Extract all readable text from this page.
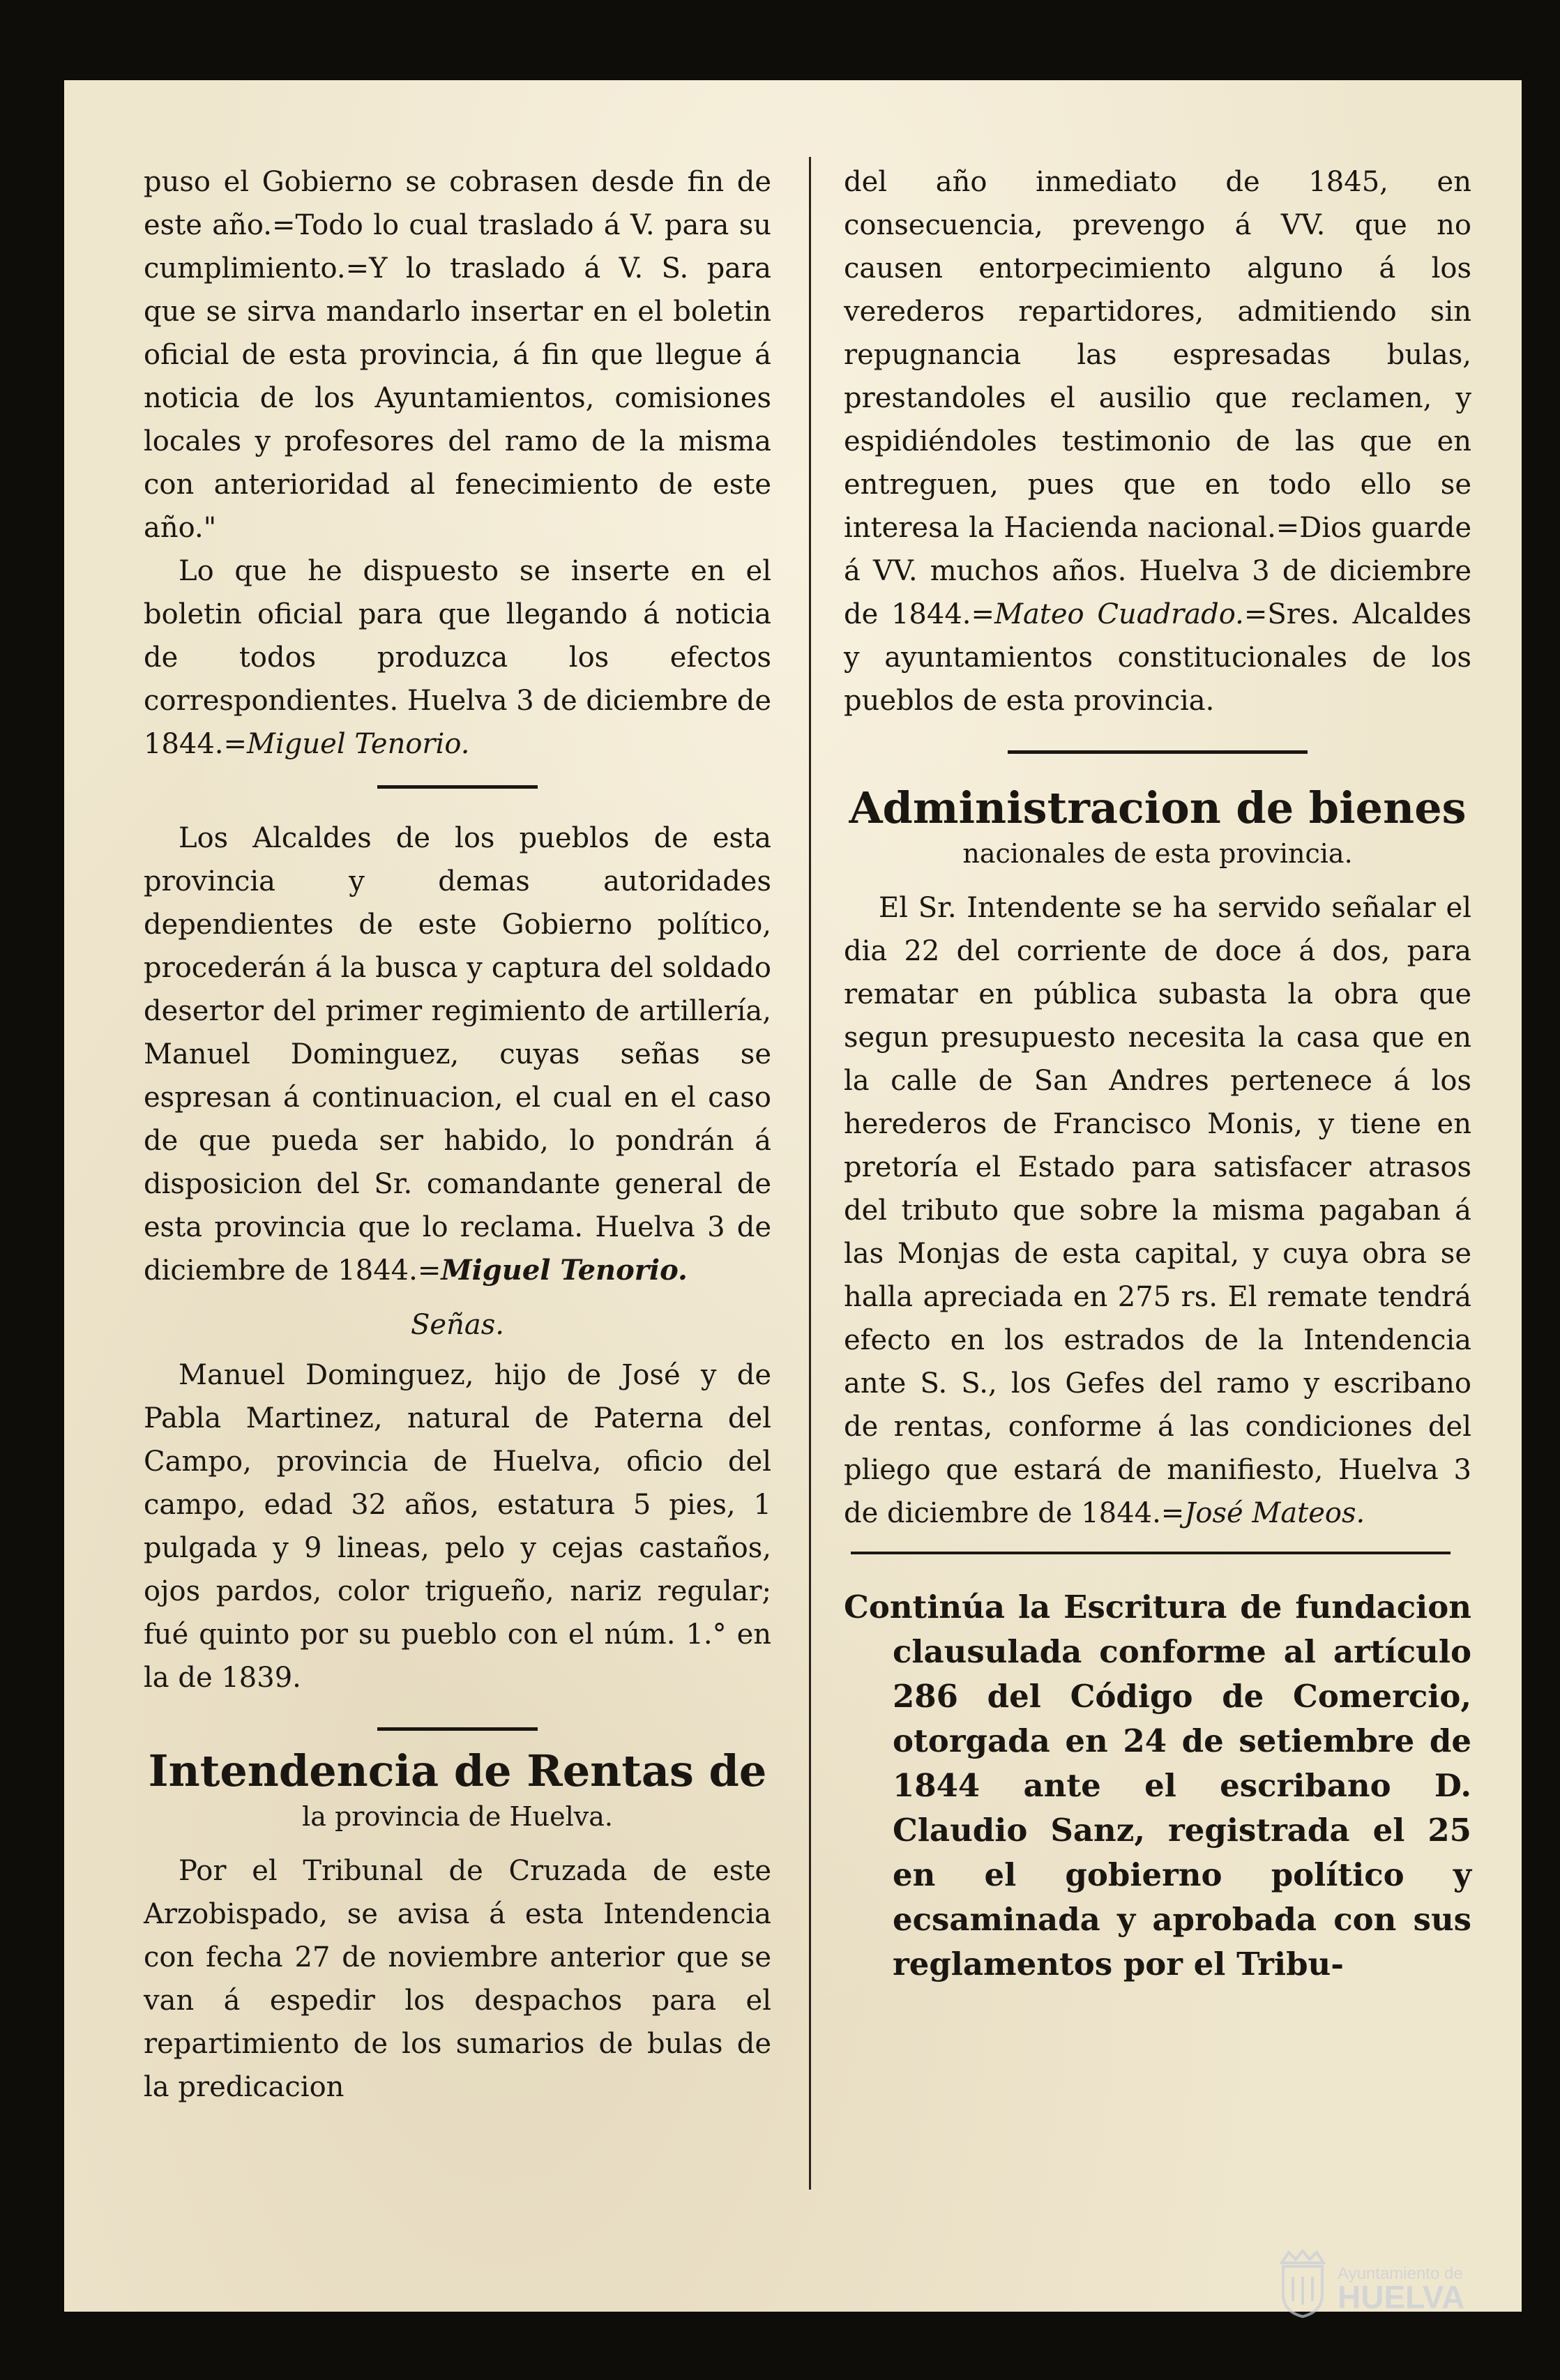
puso el Gobierno se cobrasen desde fin de este año.=Todo lo cual traslado á V. para su cumplimiento.=Y lo traslado á V. S. para que se sirva mandarlo insertar en el boletin oficial de esta provincia, á fin que llegue á noticia de los Ayuntamientos, comisiones locales y profesores del ramo de la misma con anterioridad al fenecimiento de este año."

Lo que he dispuesto se inserte en el boletin oficial para que llegando á noticia de todos produzca los efectos correspondientes. Huelva 3 de diciembre de 1844.=Miguel Tenorio.

Los Alcaldes de los pueblos de esta provincia y demas autoridades dependientes de este Gobierno político, procederán á la busca y captura del soldado desertor del primer regimiento de artillería, Manuel Dominguez, cuyas señas se espresan á continuacion, el cual en el caso de que pueda ser habido, lo pondrán á disposicion del Sr. comandante general de esta provincia que lo reclama. Huelva 3 de diciembre de 1844.=Miguel Tenorio.

Señas.

Manuel Dominguez, hijo de José y de Pabla Martinez, natural de Paterna del Campo, provincia de Huelva, oficio del campo, edad 32 años, estatura 5 pies, 1 pulgada y 9 lineas, pelo y cejas castaños, ojos pardos, color trigueño, nariz regular; fué quinto por su pueblo con el núm. 1.° en la de 1839.

Intendencia de Rentas de

la provincia de Huelva.

Por el Tribunal de Cruzada de este Arzobispado, se avisa á esta Intendencia con fecha 27 de noviembre anterior que se van á espedir los despachos para el repartimiento de los sumarios de bulas de la predicacion

del año inmediato de 1845, en consecuencia, prevengo á VV. que no causen entorpecimiento alguno á los verederos repartidores, admitiendo sin repugnancia las espresadas bulas, prestandoles el ausilio que reclamen, y espidiéndoles testimonio de las que en entreguen, pues que en todo ello se interesa la Hacienda nacional.=Dios guarde á VV. muchos años. Huelva 3 de diciembre de 1844.=Mateo Cuadrado.=Sres. Alcaldes y ayuntamientos constitucionales de los pueblos de esta provincia.

Administracion de bienes

nacionales de esta provincia.

El Sr. Intendente se ha servido señalar el dia 22 del corriente de doce á dos, para rematar en pública subasta la obra que segun presupuesto necesita la casa que en la calle de San Andres pertenece á los herederos de Francisco Monis, y tiene en pretoría el Estado para satisfacer atrasos del tributo que sobre la misma pagaban á las Monjas de esta capital, y cuya obra se halla apreciada en 275 rs. El remate tendrá efecto en los estrados de la Intendencia ante S. S., los Gefes del ramo y escribano de rentas, conforme á las condiciones del pliego que estará de manifiesto, Huelva 3 de diciembre de 1844.=José Mateos.

Continúa la Escritura de fundacion clausulada conforme al artículo 286 del Código de Comercio, otorgada en 24 de setiembre de 1844 ante el escribano D. Claudio Sanz, registrada el 25 en el gobierno político y ecsaminada y aprobada con sus reglamentos por el Tribu-

Ayuntamiento de
HUELVA
